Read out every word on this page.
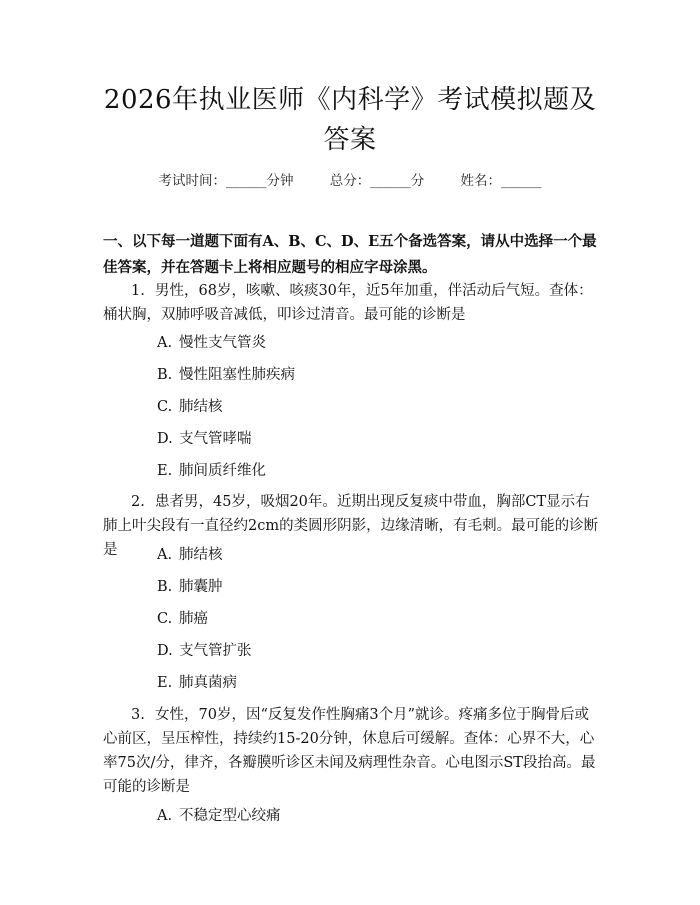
2026年执业医师《内科学》考试模拟题及答案
考试时间：______分钟	总分：______分	姓名：______
一、以下每一道题下面有A、B、C、D、E五个备选答案，请从中选择一个最佳答案，并在答题卡上将相应题号的相应字母涂黑。
1. 男性，68岁，咳嗽、咳痰30年，近5年加重，伴活动后气短。查体：桶状胸，双肺呼吸音减低，叩诊过清音。最可能的诊断是
A. 慢性支气管炎
B. 慢性阻塞性肺疾病
C. 肺结核
D. 支气管哮喘
E. 肺间质纤维化
2. 患者男，45岁，吸烟20年。近期出现反复痰中带血，胸部CT显示右肺上叶尖段有一直径约2cm的类圆形阴影，边缘清晰，有毛刺。最可能的诊断是	A. 肺结核
B. 肺囊肿
C. 肺癌
D. 支气管扩张
E. 肺真菌病
3. 女性，70岁，因“反复发作性胸痛3个月”就诊。疼痛多位于胸骨后或心前区，呈压榨性，持续约15-20分钟，休息后可缓解。查体：心界不大，心率75次/分，律齐，各瓣膜听诊区未闻及病理性杂音。心电图示ST段抬高。最可能的诊断是
A. 不稳定型心绞痛
